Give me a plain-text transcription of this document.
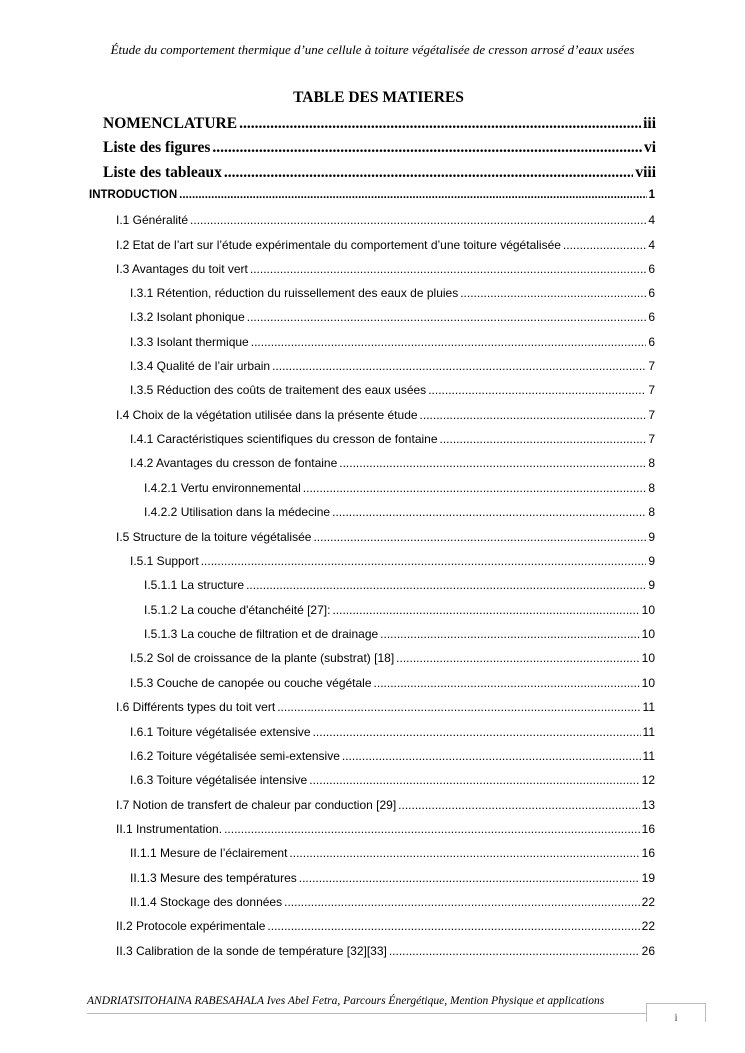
Étude du comportement thermique d’une cellule à toiture végétalisée de cresson arrosé d’eaux usées
TABLE DES MATIERES
NOMENCLATURE .....	iii
Liste des figures .....	vi
Liste des tableaux .....	viii
INTRODUCTION .....	1
I.1 Généralité .....	4
I.2 Etat de l’art sur l’étude expérimentale du comportement d’une toiture végétalisée .....	4
I.3 Avantages du toit vert .....	6
I.3.1 Rétention, réduction du ruissellement des eaux de pluies .....	6
I.3.2 Isolant phonique .....	6
I.3.3 Isolant thermique .....	6
I.3.4 Qualité de l’air urbain .....	7
I.3.5 Réduction des coûts de traitement des eaux usées .....	7
I.4 Choix de la végétation utilisée dans la présente étude .....	7
I.4.1 Caractéristiques scientifiques du cresson de fontaine .....	7
I.4.2 Avantages du cresson de fontaine .....	8
I.4.2.1 Vertu environnemental .....	8
I.4.2.2 Utilisation dans la médecine .....	8
I.5 Structure de la toiture végétalisée .....	9
I.5.1 Support .....	9
I.5.1.1 La structure .....	9
I.5.1.2 La couche d'étanchéité [27]: .....	10
I.5.1.3 La couche de filtration et de drainage .....	10
I.5.2 Sol de croissance de la plante (substrat) [18] .....	10
I.5.3 Couche de canopée ou couche végétale .....	10
I.6 Différents types du toit vert .....	11
I.6.1 Toiture végétalisée extensive .....	11
I.6.2 Toiture végétalisée semi-extensive .....	11
I.6.3 Toiture végétalisée intensive .....	12
I.7 Notion de transfert de chaleur par conduction [29] .....	13
II.1 Instrumentation. .....	16
II.1.1 Mesure de l’éclairement .....	16
II.1.3 Mesure des températures .....	19
II.1.4 Stockage des données .....	22
II.2 Protocole expérimentale .....	22
II.3 Calibration de la sonde de température [32][33] .....	26
ANDRIATSITOHAINA RABESAHALA Ives Abel Fetra, Parcours Énergétique, Mention Physique et applications
i
